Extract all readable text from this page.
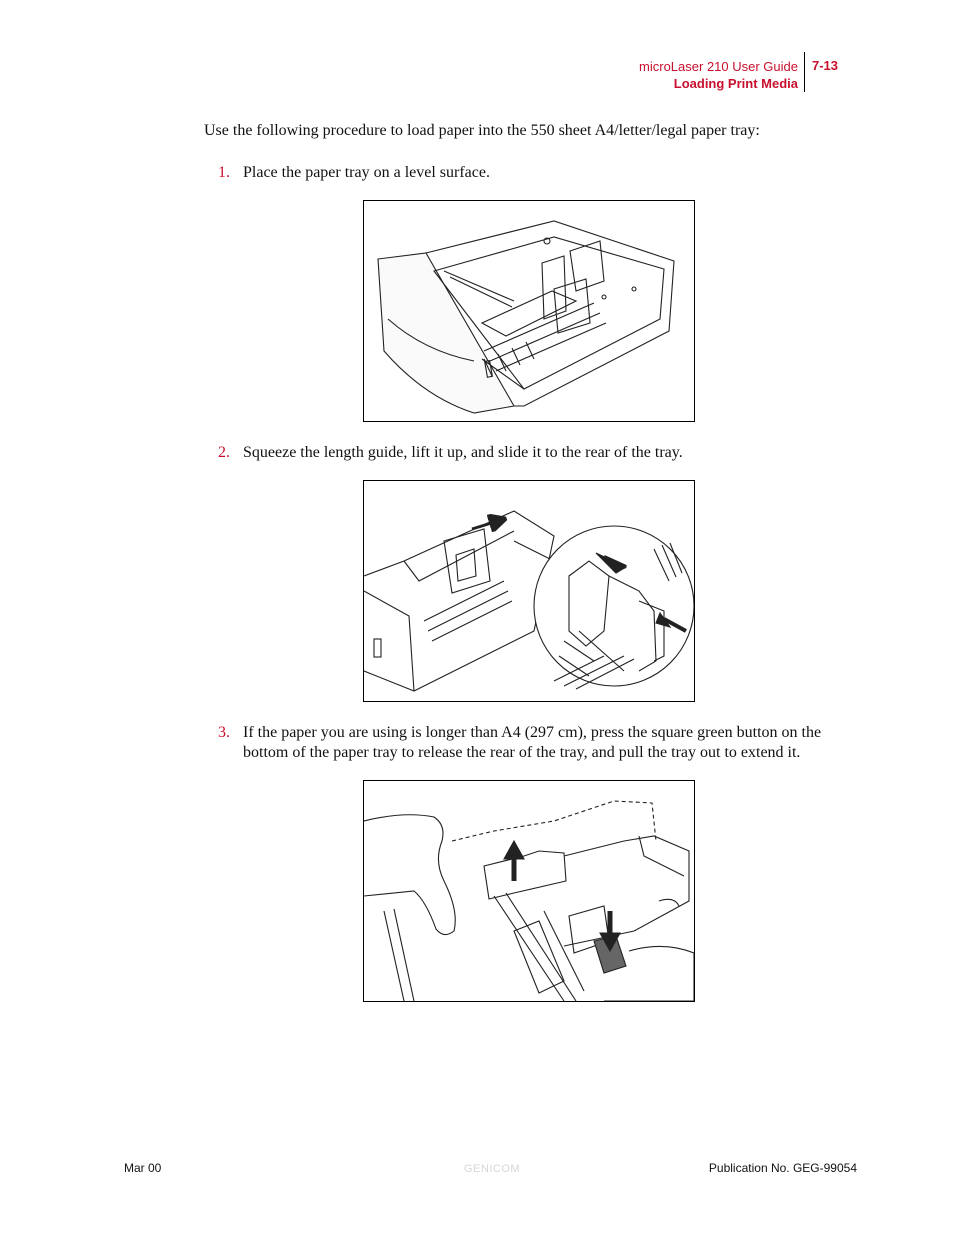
microLaser 210 User Guide
Loading Print Media
7-13
Use the following procedure to load paper into the 550 sheet A4/letter/legal paper tray:
1. Place the paper tray on a level surface.
2. Squeeze the length guide, lift it up, and slide it to the rear of the tray.
3. If the paper you are using is longer than A4 (297 cm), press the square green button on the bottom of the paper tray to release the rear of the tray, and pull the tray out to extend it.
Mar 00	GENICOM	Publication No. GEG-99054
